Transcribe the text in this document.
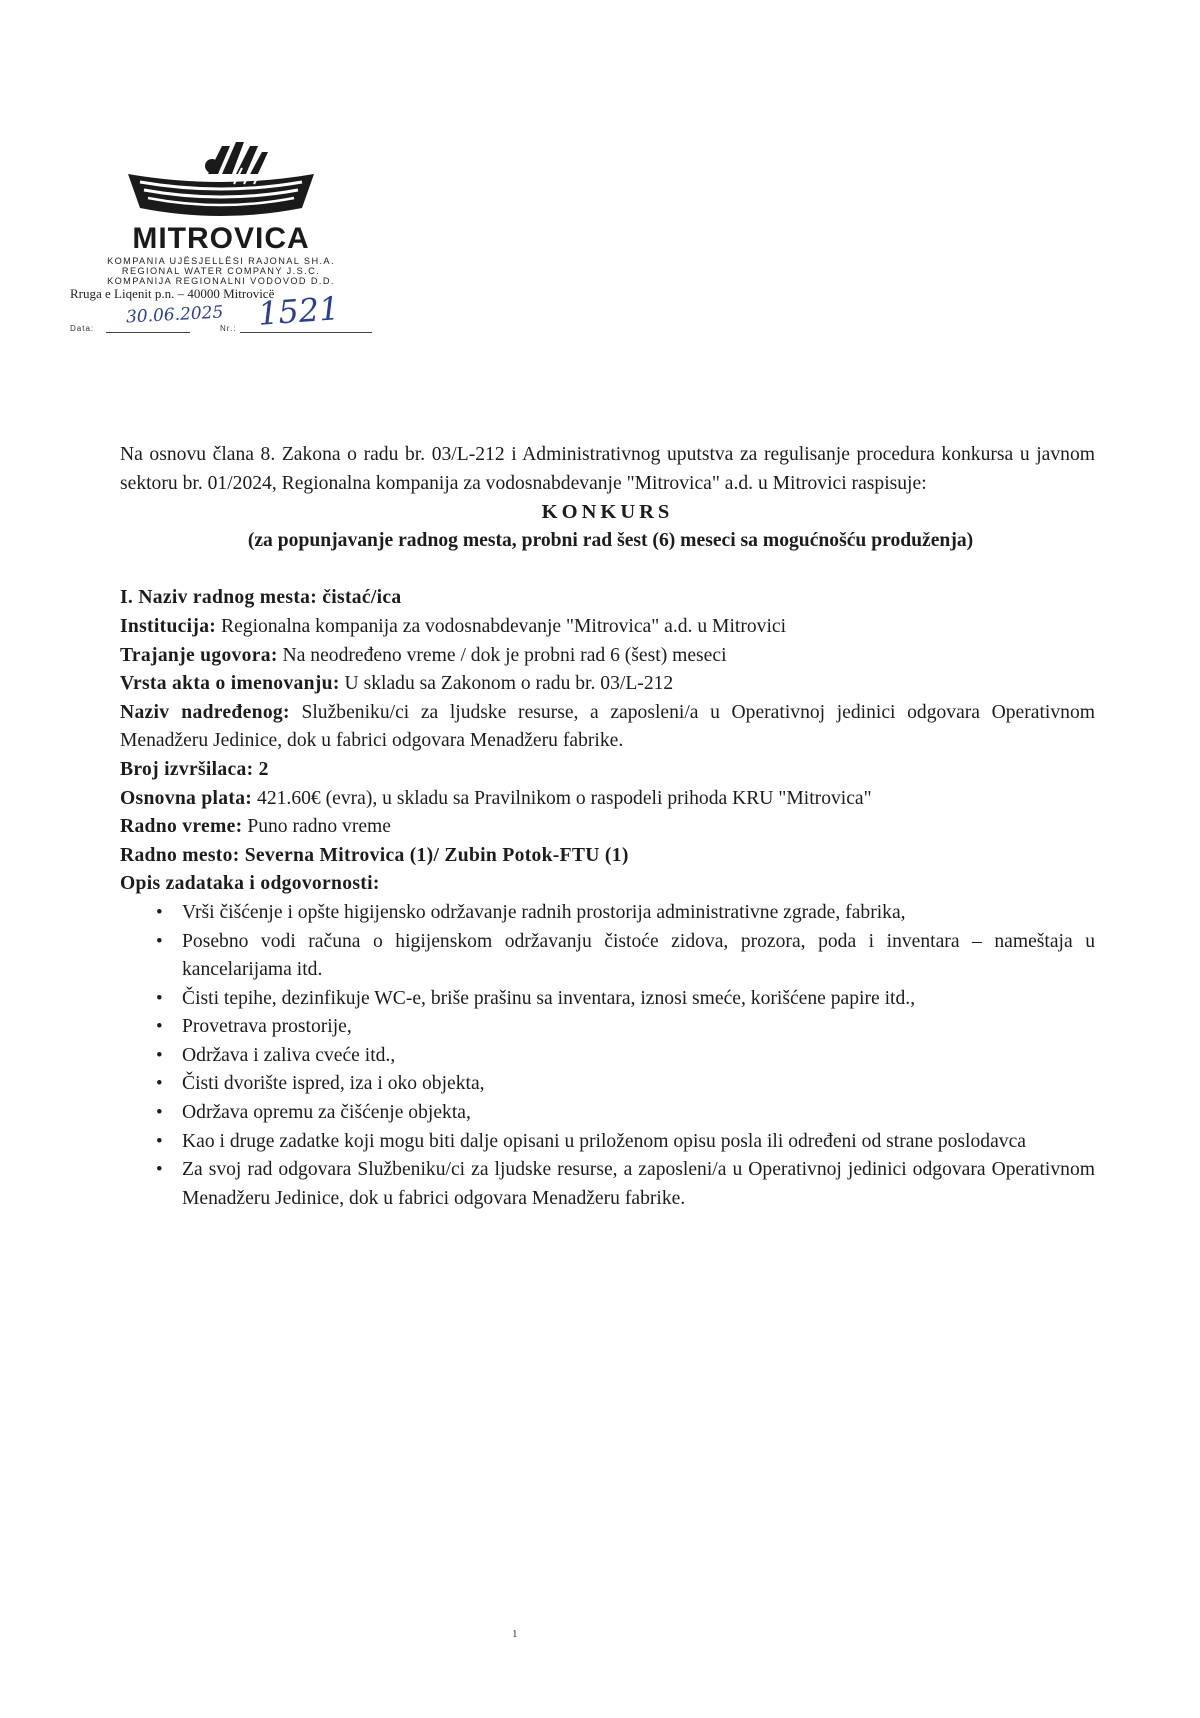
MITROVICA
KOMPANIA UJËSJELLËSI RAJONAL SH.A.
REGIONAL WATER COMPANY J.S.C.
KOMPANIJA REGIONALNI VODOVOD D.D.
Rruga e Liqenit p.n. – 40000 Mitrovicë
Data:
30.06.2025
Nr.: 1521

Na osnovu člana 8. Zakona o radu br. 03/L-212 i Administrativnog uputstva za regulisanje procedura konkursa u javnom sektoru br. 01/2024, Regionalna kompanija za vodosnabdevanje "Mitrovica" a.d. u Mitrovici raspisuje:

KONKURS

(za popunjavanje radnog mesta, probni rad šest (6) meseci sa mogućnošću produženja)

I. Naziv radnog mesta: čistać/ica

Institucija: Regionalna kompanija za vodosnabdevanje "Mitrovica" a.d. u Mitrovici

Trajanje ugovora: Na neodređeno vreme / dok je probni rad 6 (šest) meseci

Vrsta akta o imenovanju: U skladu sa Zakonom o radu br. 03/L-212

Naziv nadređenog: Službeniku/ci za ljudske resurse, a zaposleni/a u Operativnoj jedinici odgovara Operativnom Menadžeru Jedinice, dok u fabrici odgovara Menadžeru fabrike.

Broj izvršilaca: 2

Osnovna plata: 421.60€ (evra), u skladu sa Pravilnikom o raspodeli prihoda KRU "Mitrovica"

Radno vreme: Puno radno vreme

Radno mesto: Severna Mitrovica (1)/ Zubin Potok-FTU (1)

Opis zadataka i odgovornosti:

• Vrši čišćenje i opšte higijensko održavanje radnih prostorija administrativne zgrade, fabrika,
• Posebno vodi računa o higijenskom održavanju čistoće zidova, prozora, poda i inventara – nameštaja u kancelarijama itd.
• Čisti tepihe, dezinfikuje WC-e, briše prašinu sa inventara, iznosi smeće, korišćene papire itd.,
• Provetrava prostorije,
• Održava i zaliva cveće itd.,
• Čisti dvorište ispred, iza i oko objekta,
• Održava opremu za čišćenje objekta,
• Kao i druge zadatke koji mogu biti dalje opisani u priloženom opisu posla ili određeni od strane poslodavca
• Za svoj rad odgovara Službeniku/ci za ljudske resurse, a zaposleni/a u Operativnoj jedinici odgovara Operativnom Menadžeru Jedinice, dok u fabrici odgovara Menadžeru fabrike.
1
